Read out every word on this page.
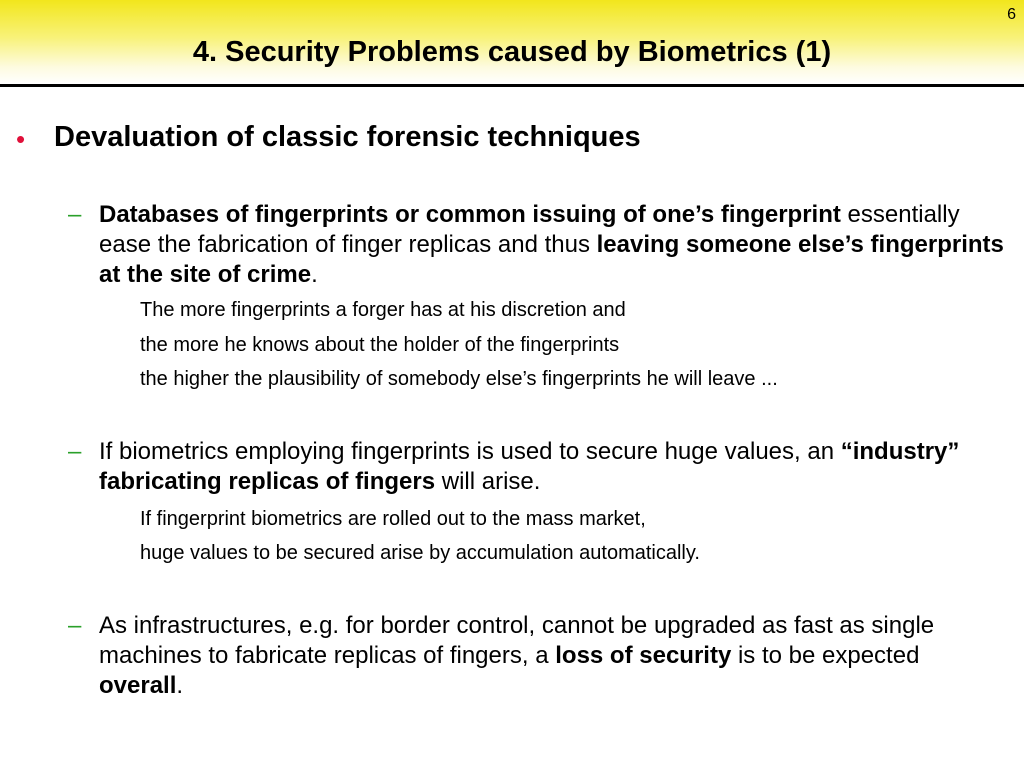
6
4. Security Problems caused by Biometrics (1)
• Devaluation of classic forensic techniques
– Databases of fingerprints or common issuing of one’s fingerprint essentially ease the fabrication of finger replicas and thus leaving someone else’s fingerprints at the site of crime.
The more fingerprints a forger has at his discretion and
the more he knows about the holder of the fingerprints
the higher the plausibility of somebody else’s fingerprints he will leave ...
– If biometrics employing fingerprints is used to secure huge values, an “industry” fabricating replicas of fingers will arise.
If fingerprint biometrics are rolled out to the mass market,
huge values to be secured arise by accumulation automatically.
– As infrastructures, e.g. for border control, cannot be upgraded as fast as single machines to fabricate replicas of fingers, a loss of security is to be expected overall.
